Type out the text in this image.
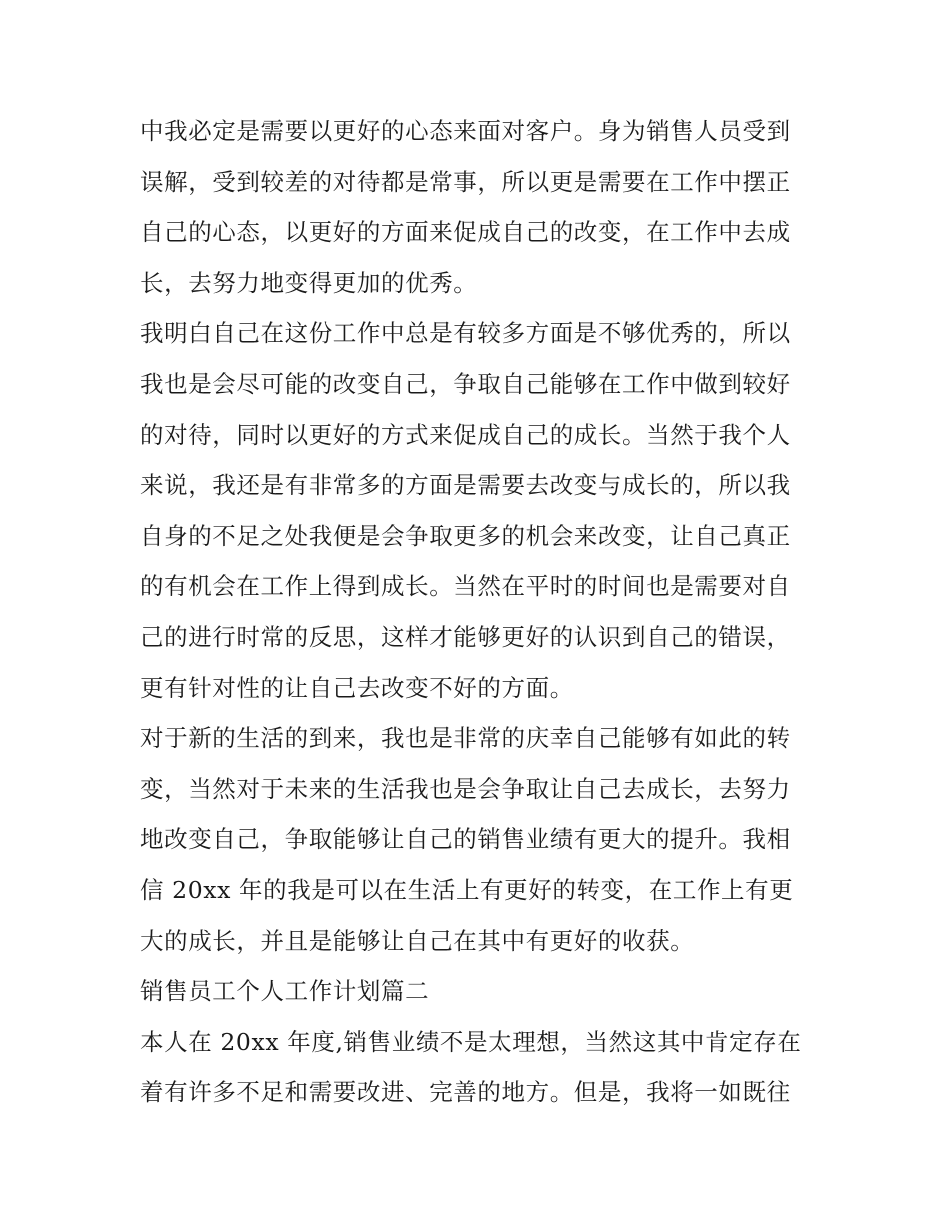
中我必定是需要以更好的心态来面对客户。身为销售人员受到

误解，受到较差的对待都是常事，所以更是需要在工作中摆正

自己的心态，以更好的方面来促成自己的改变，在工作中去成

长，去努力地变得更加的优秀。

我明白自己在这份工作中总是有较多方面是不够优秀的，所以

我也是会尽可能的改变自己，争取自己能够在工作中做到较好

的对待，同时以更好的方式来促成自己的成长。当然于我个人

来说，我还是有非常多的方面是需要去改变与成长的，所以我

自身的不足之处我便是会争取更多的机会来改变，让自己真正

的有机会在工作上得到成长。当然在平时的时间也是需要对自

己的进行时常的反思，这样才能够更好的认识到自己的错误，

更有针对性的让自己去改变不好的方面。

对于新的生活的到来，我也是非常的庆幸自己能够有如此的转

变，当然对于未来的生活我也是会争取让自己去成长，去努力

地改变自己，争取能够让自己的销售业绩有更大的提升。我相

信 20xx 年的我是可以在生活上有更好的转变，在工作上有更

大的成长，并且是能够让自己在其中有更好的收获。

销售员工个人工作计划篇二

本人在 20xx 年度,销售业绩不是太理想，当然这其中肯定存在

着有许多不足和需要改进、完善的地方。但是，我将一如既往
